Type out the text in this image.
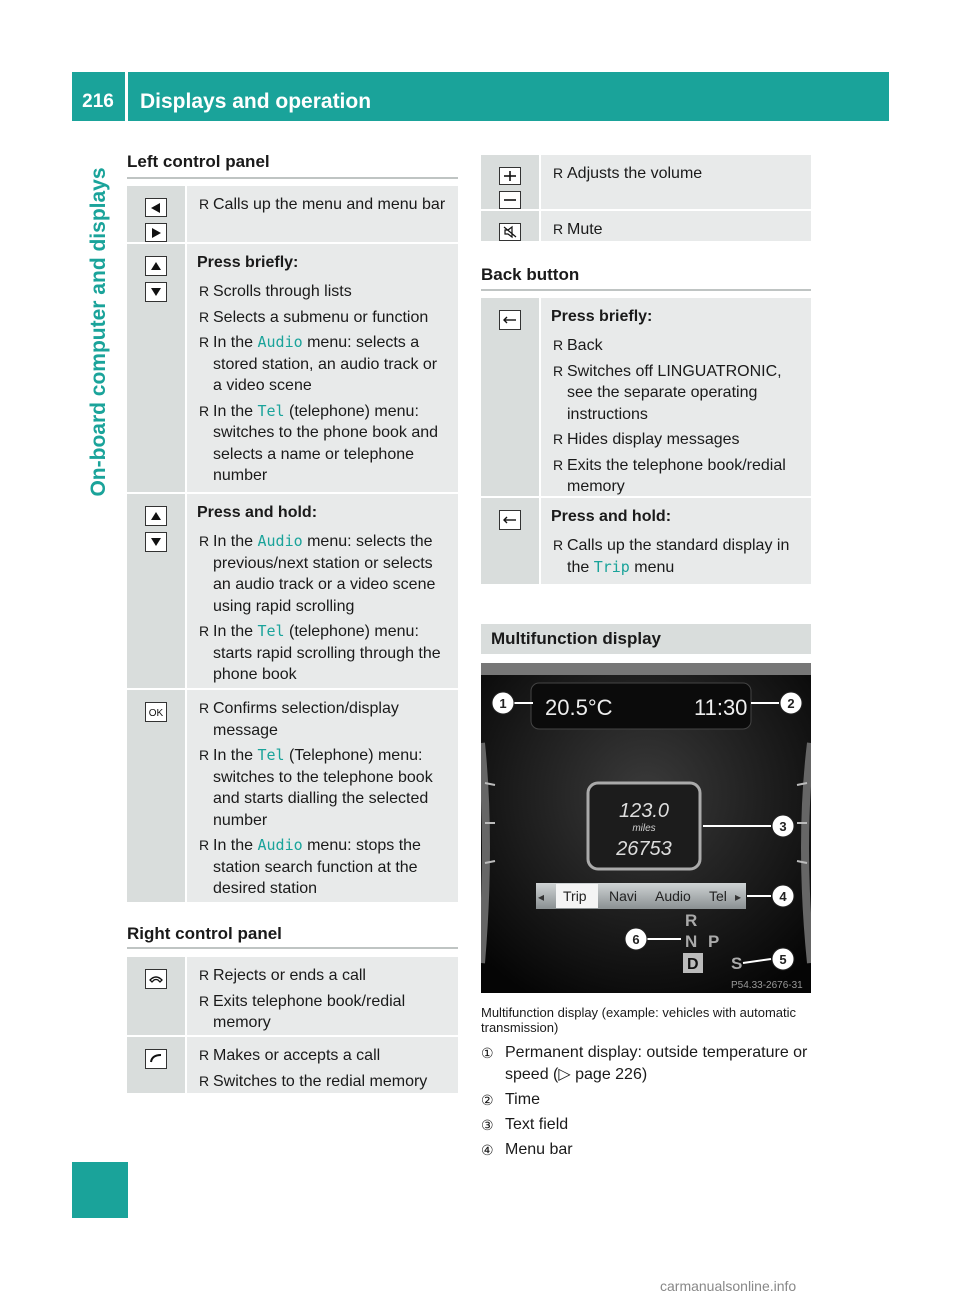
216	Displays and operation
On-board computer and displays
Left control panel
R Calls up the menu and menu bar

Press briefly:

R Scrolls through lists
R Selects a submenu or function
R In the Audio menu: selects a stored station, an audio track or a video scene
R In the Tel (telephone) menu: switches to the phone book and selects a name or telephone number

Press and hold:

R In the Audio menu: selects the previous/next station or selects an audio track or a video scene using rapid scrolling
R In the Tel (telephone) menu: starts rapid scrolling through the phone book
OK
R	Confirms selection/display message
R In the Tel (Telephone) menu: switches to the telephone book and starts dialling the selected number
R In the Audio menu: stops the station search function at the desired station
Right control panel
R Rejects or ends a call
R Exits telephone book/redial memory
R Makes or accepts a call
R Switches to the redial memory
R Adjusts the volume
R Mute
Back button

Press briefly:

R Back
R Switches off LINGUATRONIC, see the separate operating instructions
R Hides display messages
R Exits the telephone book/redial memory

Press and hold:

R Calls up the standard display in the Trip menu
Multifunction display
20.5°C	11:30
123.0
miles
26753
◂	▸
Trip Navi Audio Tel
R
N P
D S
1	2
3
4
5
6
P54.33-2676-31
Multifunction display (example: vehicles with automatic transmission)
① Permanent display: outside temperature or speed (▷ page 226)
② Time
③ Text field
④ Menu bar
carmanualsonline.info
